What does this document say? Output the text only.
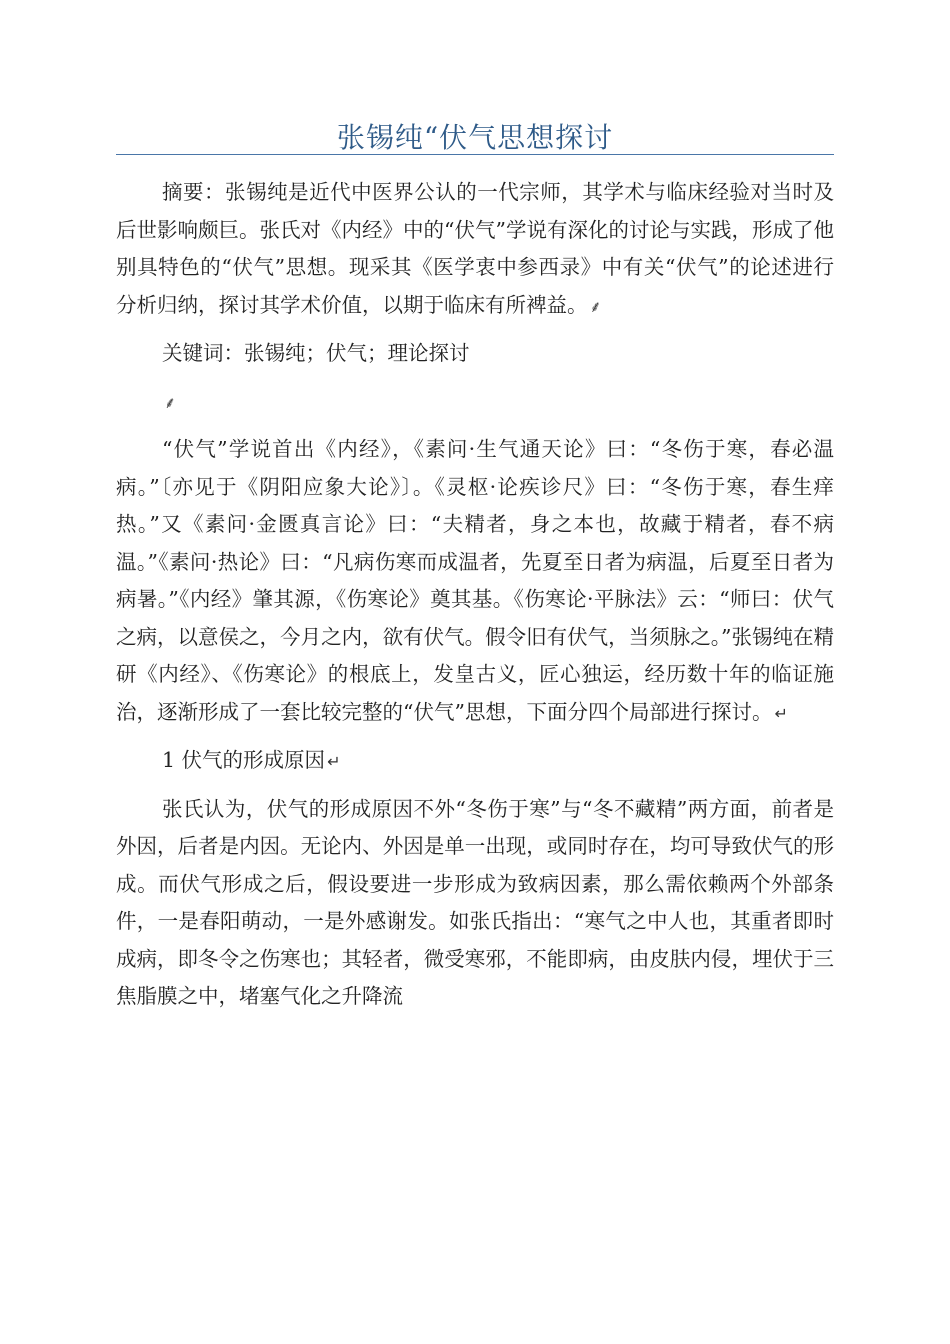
张锡纯“伏气思想探讨

摘要：张锡纯是近代中医界公认的一代宗师，其学术与临床经验对当时及后世影响颇巨。张氏对《内经》中的“伏气”学说有深化的讨论与实践，形成了他别具特色的“伏气”思想。现采其《医学衷中参西录》中有关“伏气”的论述进行分析归纳，探讨其学术价值，以期于临床有所裨益。 ⸙

关键词：张锡纯；伏气；理论探讨

⸙

“伏气”学说首出《内经》，《素问·生气通天论》曰：“冬伤于寒，春必温病。”〔亦见于《阴阳应象大论》〕。《灵枢·论疾诊尺》曰：“冬伤于寒，春生痒热。”又《素问·金匮真言论》曰：“夫精者，身之本也，故藏于精者，春不病温。”《素问·热论》曰：“凡病伤寒而成温者，先夏至日者为病温，后夏至日者为病暑。”《内经》肇其源，《伤寒论》奠其基。《伤寒论·平脉法》云：“师曰：伏气之病，以意侯之，今月之内，欲有伏气。假令旧有伏气，当须脉之。”张锡纯在精研《内经》、《伤寒论》的根底上，发皇古义，匠心独运，经历数十年的临证施治，逐渐形成了一套比较完整的“伏气”思想，下面分四个局部进行探讨。 ↵

1 伏气的形成原因 ↵

张氏认为，伏气的形成原因不外“冬伤于寒”与“冬不藏精”两方面，前者是外因，后者是内因。无论内、外因是单一出现，或同时存在，均可导致伏气的形成。而伏气形成之后，假设要进一步形成为致病因素，那么需依赖两个外部条件，一是春阳萌动，一是外感谢发。如张氏指出：“寒气之中人也，其重者即时成病，即冬令之伤寒也；其轻者，微受寒邪，不能即病，由皮肤内侵，埋伏于三焦脂膜之中，堵塞气化之升降流
